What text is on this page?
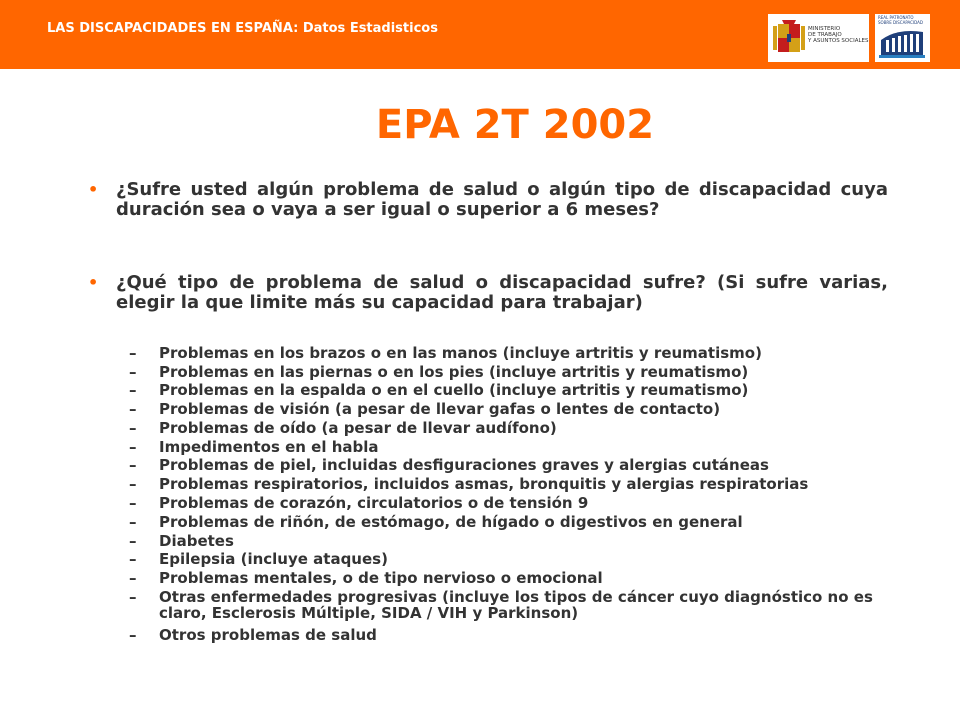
LAS DISCAPACIDADES EN ESPAÑA: Datos Estadisticos	MINISTERIO
DE TRABAJO
Y ASUNTOS SOCIALES
REAL PATRONATO
SOBRE DISCAPACIDAD
EPA 2T 2002
• ¿Sufre usted algún problema de salud o algún tipo de discapacidad cuya duración sea o vaya a ser igual o superior a 6 meses?
• ¿Qué tipo de problema de salud o discapacidad sufre? (Si sufre varias, elegir la que limite más su capacidad para trabajar)
–	Problemas en los brazos o en las manos (incluye artritis y reumatismo)
–	Problemas en las piernas o en los pies (incluye artritis y reumatismo)
–	Problemas en la espalda o en el cuello (incluye artritis y reumatismo)
–	Problemas de visión (a pesar de llevar gafas o lentes de contacto)
–	Problemas de oído (a pesar de llevar audífono)
–	Impedimentos en el habla
–	Problemas de piel, incluidas desfiguraciones graves y alergias cutáneas
–	Problemas respiratorios, incluidos asmas, bronquitis y alergias respiratorias
–	Problemas de corazón, circulatorios o de tensión 9
–	Problemas de riñón, de estómago, de hígado o digestivos en general
–	Diabetes
–	Epilepsia (incluye ataques)
–	Problemas mentales, o de tipo nervioso o emocional
–	Otras enfermedades progresivas (incluye los tipos de cáncer cuyo diagnóstico no es claro, Esclerosis Múltiple, SIDA / VIH y Parkinson)
–	Otros problemas de salud
